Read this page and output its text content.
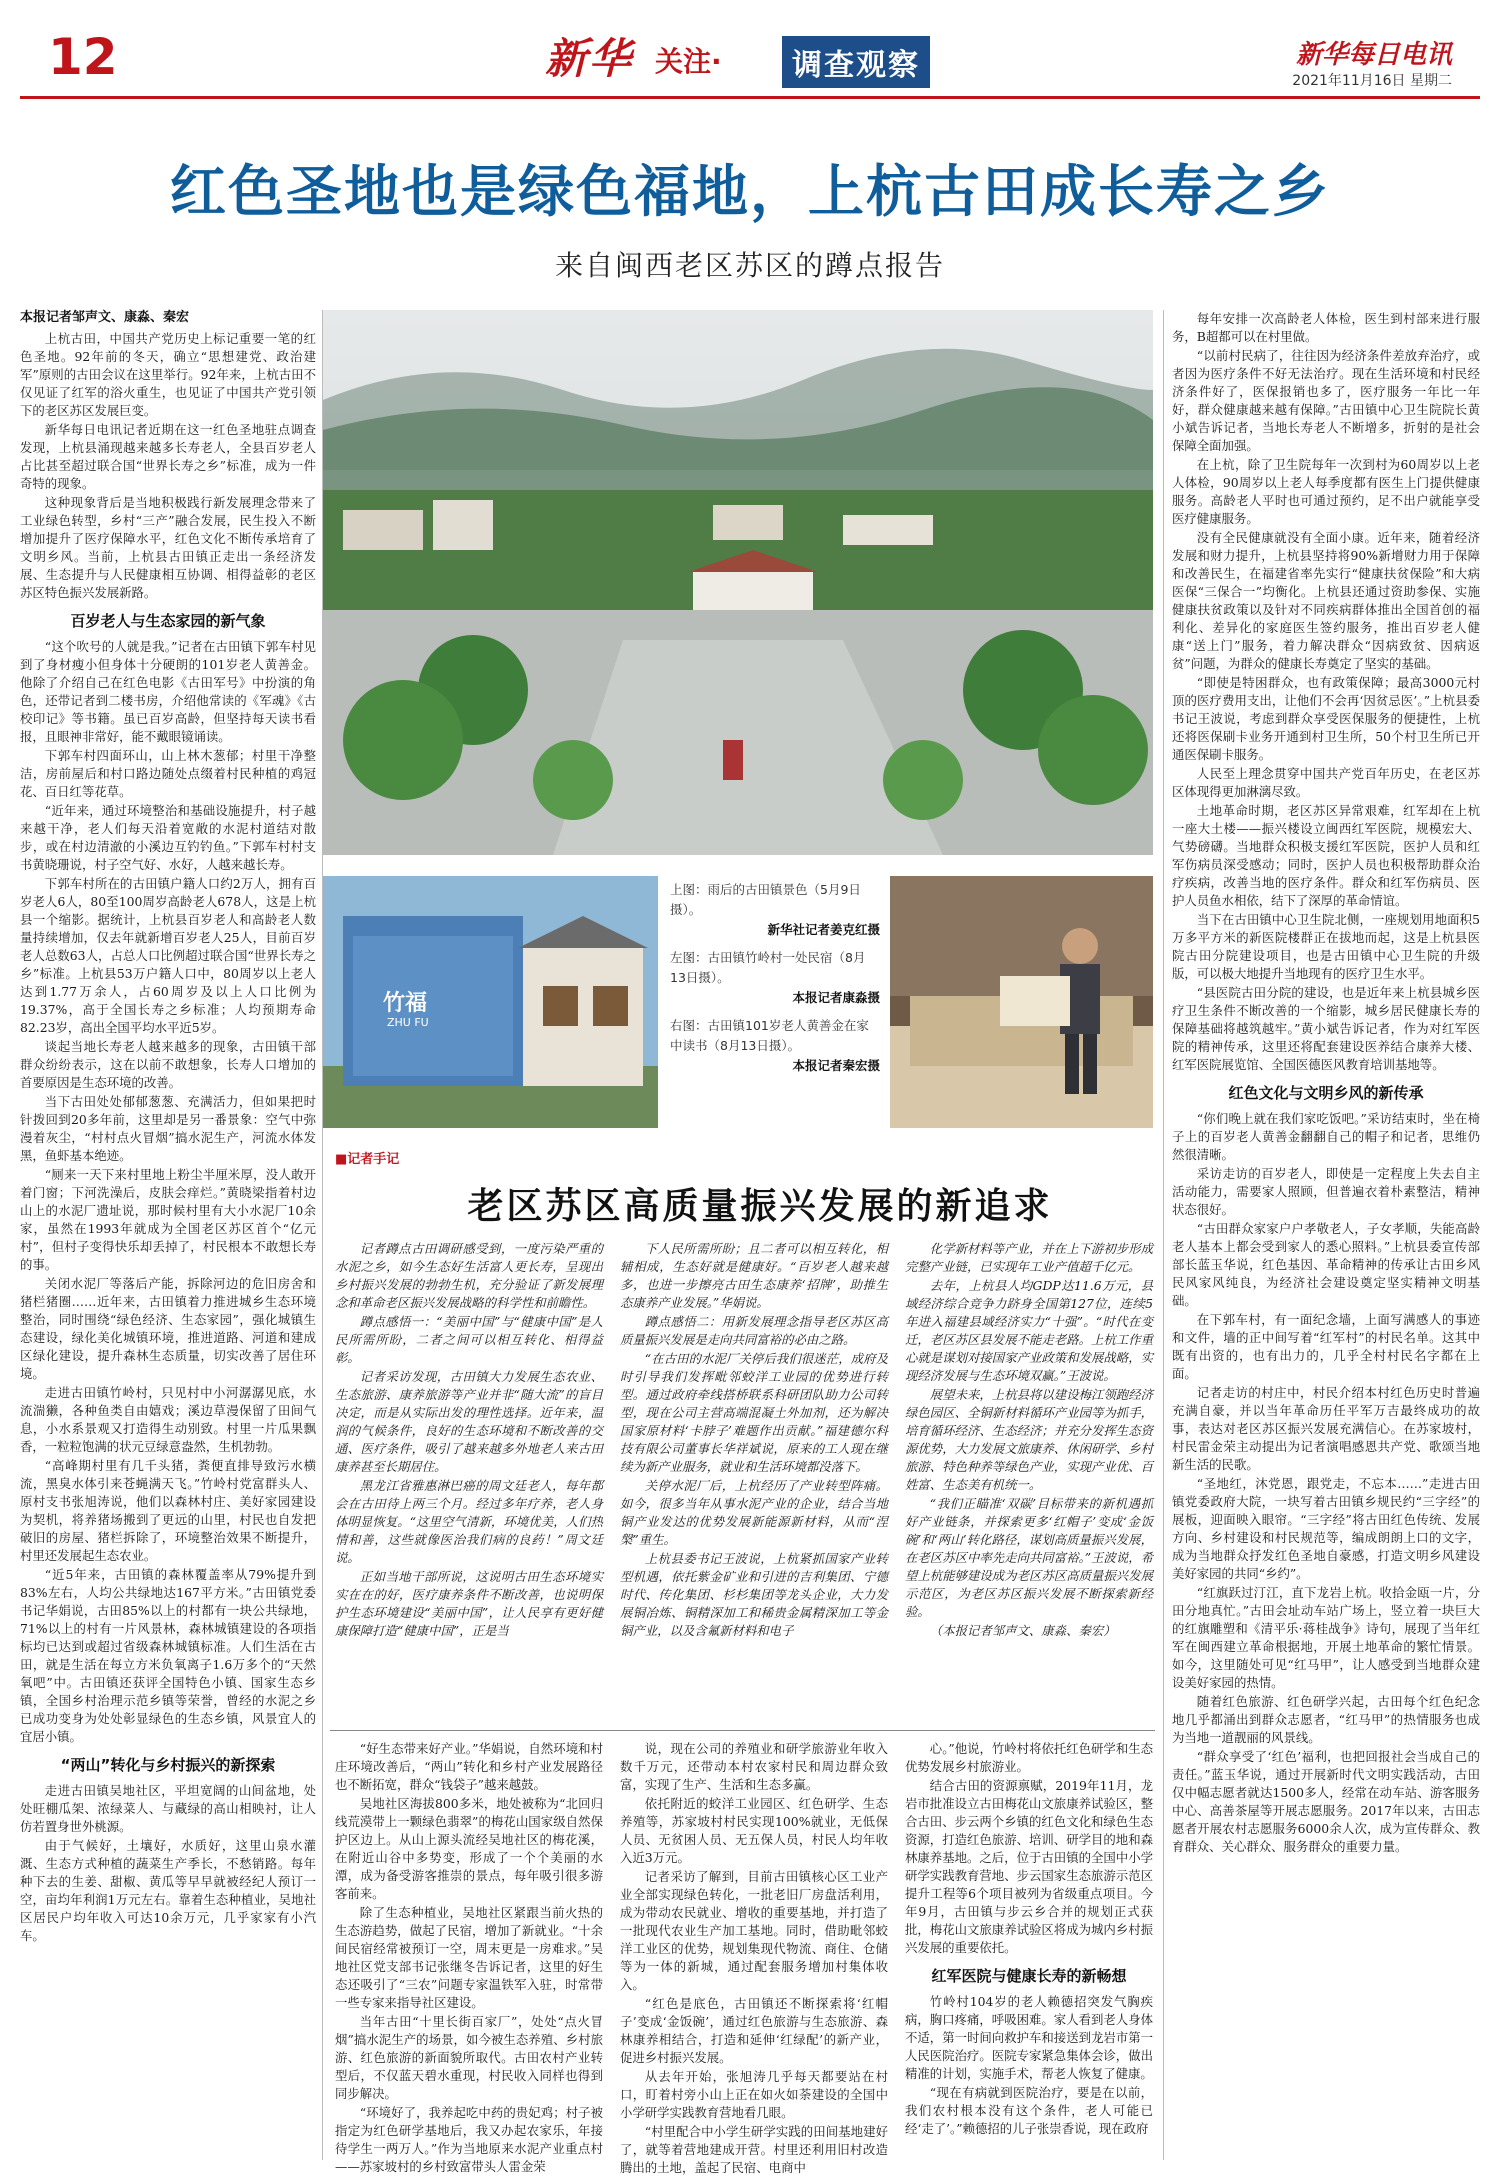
12	新华 关注·	调查观察	新华每日电讯
2021年11月16日 星期二
红色圣地也是绿色福地，上杭古田成长寿之乡
来自闽西老区苏区的蹲点报告
本报记者邹声文、康淼、秦宏

上杭古田，中国共产党历史上标记重要一笔的红色圣地。92年前的冬天，确立“思想建党、政治建军”原则的古田会议在这里举行。92年来，上杭古田不仅见证了红军的浴火重生，也见证了中国共产党引领下的老区苏区发展巨变。

新华每日电讯记者近期在这一红色圣地驻点调查发现，上杭县涌现越来越多长寿老人，全县百岁老人占比甚至超过联合国“世界长寿之乡”标准，成为一件奇特的现象。

这种现象背后是当地积极践行新发展理念带来了工业绿色转型，乡村“三产”融合发展，民生投入不断增加提升了医疗保障水平，红色文化不断传承培育了文明乡风。当前，上杭县古田镇正走出一条经济发展、生态提升与人民健康相互协调、相得益彰的老区苏区特色振兴发展新路。

百岁老人与生态家园的新气象

“这个吹号的人就是我。”记者在古田镇下郭车村见到了身材瘦小但身体十分硬朗的101岁老人黄善金。他除了介绍自己在红色电影《古田军号》中扮演的角色，还带记者到二楼书房，介绍他常读的《军魂》《古校印记》等书籍。虽已百岁高龄，但坚持每天读书看报，且眼神非常好，能不戴眼镜诵读。

下郭车村四面环山，山上林木葱郁；村里干净整洁，房前屋后和村口路边随处点缀着村民种植的鸡冠花、百日红等花草。

“近年来，通过环境整治和基础设施提升，村子越来越干净，老人们每天沿着宽敞的水泥村道结对散步，或在村边清澈的小溪边互钓钓鱼。”下郭车村村支书黄晓珊说，村子空气好、水好，人越来越长寿。

下郭车村所在的古田镇户籍人口约2万人，拥有百岁老人6人，80至100周岁高龄老人678人，这是上杭县一个缩影。据统计，上杭县百岁老人和高龄老人数量持续增加，仅去年就新增百岁老人25人，目前百岁老人总数63人，占总人口比例超过联合国“世界长寿之乡”标准。上杭县53万户籍人口中，80周岁以上老人达到1.77万余人，占60周岁及以上人口比例为19.37%，高于全国长寿之乡标准；人均预期寿命82.23岁，高出全国平均水平近5岁。

谈起当地长寿老人越来越多的现象，古田镇干部群众纷纷表示，这在以前不敢想象，长寿人口增加的首要原因是生态环境的改善。

当下古田处处郁郁葱葱、充满活力，但如果把时针拨回到20多年前，这里却是另一番景象：空气中弥漫着灰尘，“村村点火冒烟”搞水泥生产，河流水体发黑，鱼虾基本绝迹。

“厕来一天下来村里地上粉尘半厘米厚，没人敢开着门窗；下河洗澡后，皮肤会痒烂。”黄晓梁指着村边山上的水泥厂遗址说，那时候村里有大小水泥厂10余家，虽然在1993年就成为全国老区苏区首个“亿元村”，但村子变得快乐却丢掉了，村民根本不敢想长寿的事。

关闭水泥厂等落后产能，拆除河边的危旧房舍和猪栏猪圈……近年来，古田镇着力推进城乡生态环境整治，同时围绕“绿色经济、生态家园”，强化城镇生态建设，绿化美化城镇环境，推进道路、河道和建成区绿化建设，提升森林生态质量，切实改善了居住环境。

走进古田镇竹岭村，只见村中小河潺潺见底，水流湍獭，各种鱼类自由嬉戏；溪边草漫保留了田间气息，小水系景观又打造得生动别致。村里一片瓜果飘香，一粒粒饱满的状元豆绿意盎然，生机勃勃。

“高峰期村里有几千头猪，粪便直排导致污水横流，黑臭水体引来苍蝇满天飞。”竹岭村党富群头人、原村支书张旭涛说，他们以森林村庄、美好家园建设为契机，将养猪场搬到了更远的山里，村民也自发把破旧的房屋、猪栏拆除了，环境整治效果不断提升，村里还发展起生态农业。

“近5年来，古田镇的森林覆盖率从79%提升到83%左右，人均公共绿地达167平方米。”古田镇党委书记华娟说，古田85%以上的村都有一块公共绿地，71%以上的村有一片风景林，森林城镇建设的各项指标均已达到或超过省级森林城镇标准。人们生活在古田，就是生活在每立方米负氧离子1.6万多个的“天然氧吧”中。古田镇还获评全国特色小镇、国家生态乡镇，全国乡村治理示范乡镇等荣誉，曾经的水泥之乡已成功变身为处处彰显绿色的生态乡镇，风景宜人的宜居小镇。

“两山”转化与乡村振兴的新探索

走进古田镇吴地社区，平坦宽阔的山间盆地，处处旺棚瓜架、浓绿菜人、与藏绿的高山相映衬，让人仿若置身世外桃源。

由于气候好，土壤好，水质好，这里山泉水灌溉、生态方式种植的蔬菜生产季长，不愁销路。每年种下去的生姜、甜椒、黄瓜等早早就被经纪人预订一空，亩均年利润1万元左右。靠着生态种植业，吴地社区居民户均年收入可达10余万元，几乎家家有小汽车。

竹福
ZHU FU
上图：雨后的古田镇景色（5月9日摄）。
新华社记者姜克红摄
左图：古田镇竹岭村一处民宿（8月13日摄）。
本报记者康淼摄
右图：古田镇101岁老人黄善金在家中读书（8月13日摄）。
本报记者秦宏摄
■记者手记
老区苏区高质量振兴发展的新追求

记者蹲点古田调研感受到，一度污染严重的水泥之乡，如今生态好生活富人更长寿，呈现出乡村振兴发展的勃勃生机，充分验证了新发展理念和革命老区振兴发展战略的科学性和前瞻性。

蹲点感悟一：“美丽中国”与“健康中国”是人民所需所盼，二者之间可以相互转化、相得益彰。

记者采访发现，古田镇大力发展生态农业、生态旅游、康养旅游等产业并非“随大流”的盲目决定，而是从实际出发的理性选择。近年来，温润的气候条件，良好的生态环境和不断改善的交通、医疗条件，吸引了越来越多外地老人来古田康养甚至长期居住。

黑龙江省雅惠淋巴癌的周文廷老人，每年都会在古田待上两三个月。经过多年疗养，老人身体明显恢复。“这里空气清新，环境优美，人们热情和善，这些就像医治我们病的良药！”周文廷说。

正如当地干部所说，这说明古田生态环境实实在在的好，医疗康养条件不断改善，也说明保护生态环境建设“美丽中国”，让人民享有更好健康保障打造“健康中国”，正是当

下人民所需所盼；且二者可以相互转化，相辅相成，生态好就是健康好。“百岁老人越来越多，也进一步擦亮古田生态康养‘招牌’，助推生态康养产业发展。”华娟说。

蹲点感悟二：用新发展理念指导老区苏区高质量振兴发展是走向共同富裕的必由之路。

“在古田的水泥厂关停后我们很迷茫，成府及时引导我们发挥毗邻蛟洋工业园的优势进行转型。通过政府牵线搭桥联系科研团队助力公司转型，现在公司主营高端混凝土外加剂，还为解决国家原材料‘卡脖子’难题作出贡献。”福建德尔科技有限公司董事长华祥斌说，原来的工人现在继续为新产业服务，就业和生活环境都没落下。

关停水泥厂后，上杭经历了产业转型阵痛。如今，很多当年从事水泥产业的企业，结合当地铜产业发达的优势发展新能源新材料，从而“涅槃”重生。

上杭县委书记王波说，上杭紧抓国家产业转型机遇，依托紫金矿业和引进的吉利集团、宁德时代、传化集团、杉杉集团等龙头企业，大力发展铜冶炼、铜精深加工和稀贵金属精深加工等金铜产业，以及含氟新材料和电子

化学新材料等产业，并在上下游初步形成完整产业链，已实现年工业产值超千亿元。

去年，上杭县人均GDP达11.6万元，县域经济综合竞争力跻身全国第127位，连续5年进入福建县域经济实力“十强”。“时代在变迁，老区苏区县发展不能走老路。上杭工作重心就是谋划对接国家产业政策和发展战略，实现经济发展与生态环境双赢。”王波说。

展望未来，上杭县将以建设梅江领跑经济绿色园区、全铜新材料循环产业园等为抓手，培育循环经济、生态经济；并充分发挥生态资源优势，大力发展文旅康养、休闲研学、乡村旅游、特色种养等绿色产业，实现产业优、百姓富、生态美有机统一。

“我们正瞄准‘双碳’目标带来的新机遇抓好产业链条，并探索更多‘红帽子’变成‘金饭碗’和‘两山’转化路径，谋划高质量振兴发展，在老区苏区中率先走向共同富裕。”王波说，希望上杭能够建设成为老区苏区高质量振兴发展示范区，为老区苏区振兴发展不断探索新经验。

（本报记者邹声文、康淼、秦宏）

“好生态带来好产业。”华娟说，自然环境和村庄环境改善后，“两山”转化和乡村产业发展路径也不断拓宽，群众“钱袋子”越来越鼓。

吴地社区海拔800多米，地处被称为“北回归线荒漠带上一颗绿色翡翠”的梅花山国家级自然保护区边上。从山上源头流经吴地社区的梅花溪，在附近山谷中多势变，形成了一个个美丽的水潭，成为备受游客推崇的景点，每年吸引很多游客前来。

除了生态种植业，吴地社区紧跟当前火热的生态游趋势，做起了民宿，增加了新就业。“十余间民宿经常被预订一空，周末更是一房难求。”吴地社区党支部书记张继冬告诉记者，这里的好生态还吸引了“三农”问题专家温铁军入驻，时常带一些专家来指导社区建设。

当年古田“十里长街百家厂”，处处“点火冒烟”搞水泥生产的场景，如今被生态养殖、乡村旅游、红色旅游的新面貌所取代。古田农村产业转型后，不仅蓝天碧水重现，村民收入同样也得到同步解决。

“环境好了，我养起吃中药的贵妃鸡；村子被指定为红色研学基地后，我又办起农家乐，年接待学生一两万人。”作为当地原来水泥产业重点村——苏家坡村的乡村致富带头人雷金荣

说，现在公司的养殖业和研学旅游业年收入数千万元，还带动本村农家村民和周边群众致富，实现了生产、生活和生态多赢。

依托附近的蛟洋工业园区、红色研学、生态养殖等，苏家坡村村民实现100%就业，无低保人员、无贫困人员、无五保人员，村民人均年收入近3万元。

记者采访了解到，目前古田镇核心区工业产业全部实现绿色转化，一批老旧厂房盘活利用，成为带动农民就业、增收的重要基地，并打造了一批现代农业生产加工基地。同时，借助毗邻蛟洋工业区的优势，规划集现代物流、商住、仓储等为一体的新城，通过配套服务增加村集体收入。

“红色是底色，古田镇还不断探索将‘红帽子’变成‘金饭碗’，通过红色旅游与生态旅游、森林康养相结合，打造和延伸‘红绿配’的新产业，促进乡村振兴发展。

从去年开始，张旭涛几乎每天都要站在村口，盯着村旁小山上正在如火如荼建设的全国中小学研学实践教育营地看几眼。

“村里配合中小学生研学实践的田间基地建好了，就等着营地建成开营。村里还利用旧村改造腾出的土地，盖起了民宿、电商中

心。”他说，竹岭村将依托红色研学和生态优势发展乡村旅游业。

结合古田的资源禀赋，2019年11月，龙岩市批准设立古田梅花山文旅康养试验区，整合古田、步云两个乡镇的红色文化和绿色生态资源，打造红色旅游、培训、研学目的地和森林康养基地。之后，位于古田镇的全国中小学研学实践教育营地、步云国家生态旅游示范区提升工程等6个项目被列为省级重点项目。今年9月，古田镇与步云乡合并的规划正式获批，梅花山文旅康养试验区将成为城内乡村振兴发展的重要依托。

红军医院与健康长寿的新畅想

竹岭村104岁的老人赖德招突发气胸疾病，胸口疼痛，呼吸困难。家人看到老人身体不适，第一时间向救护车和接送到龙岩市第一人民医院治疗。医院专家紧急集体会诊，做出精准的计划，实施手术，帮老人恢复了健康。

“现在有病就到医院治疗，要是在以前，我们农村根本没有这个条件，老人可能已经‘走了’。”赖德招的儿子张崇香说，现在政府

每年安排一次高龄老人体检，医生到村部来进行服务，B超都可以在村里做。

“以前村民病了，往往因为经济条件差放弃治疗，或者因为医疗条件不好无法治疗。现在生活环境和村民经济条件好了，医保报销也多了，医疗服务一年比一年好，群众健康越来越有保障。”古田镇中心卫生院院长黄小斌告诉记者，当地长寿老人不断增多，折射的是社会保障全面加强。

在上杭，除了卫生院每年一次到村为60周岁以上老人体检，90周岁以上老人每季度都有医生上门提供健康服务。高龄老人平时也可通过预约，足不出户就能享受医疗健康服务。

没有全民健康就没有全面小康。近年来，随着经济发展和财力提升，上杭县坚持将90%新增财力用于保障和改善民生，在福建省率先实行“健康扶贫保险”和大病医保“三保合一”均衡化。上杭县还通过资助参保、实施健康扶贫政策以及针对不同疾病群体推出全国首创的福利化、差异化的家庭医生签约服务，推出百岁老人健康“送上门”服务，着力解决群众“因病致贫、因病返贫”问题，为群众的健康长寿奠定了坚实的基础。

“即使是特困群众，也有政策保障；最高3000元村顶的医疗费用支出，让他们不会再‘因贫忌医’。”上杭县委书记王波说，考虑到群众享受医保服务的便捷性，上杭还将医保刷卡业务开通到村卫生所，50个村卫生所已开通医保刷卡服务。

人民至上理念贯穿中国共产党百年历史，在老区苏区体现得更加淋漓尽致。

土地革命时期，老区苏区异常艰难，红军却在上杭一座大土楼——振兴楼设立闽西红军医院，规模宏大、气势磅礴。当地群众积极支援红军医院，医护人员和红军伤病员深受感动；同时，医护人员也积极帮助群众治疗疾病，改善当地的医疗条件。群众和红军伤病员、医护人员鱼水相依，结下了深厚的革命情谊。

当下在古田镇中心卫生院北侧，一座规划用地面积5万多平方米的新医院楼群正在拔地而起，这是上杭县医院古田分院建设项目，也是古田镇中心卫生院的升级版，可以极大地提升当地现有的医疗卫生水平。

“县医院古田分院的建设，也是近年来上杭县城乡医疗卫生条件不断改善的一个缩影，城乡居民健康长寿的保障基础将越筑越牢。”黄小斌告诉记者，作为对红军医院的精神传承，这里还将配套建设医养结合康养大楼、红军医院展览馆、全国医德医风教育培训基地等。

红色文化与文明乡风的新传承

“你们晚上就在我们家吃饭吧。”采访结束时，坐在椅子上的百岁老人黄善金翻翻自己的帽子和记者，思维仍然很清晰。

采访走访的百岁老人，即使是一定程度上失去自主活动能力，需要家人照顾，但普遍衣着朴素整洁，精神状态很好。

“古田群众家家户户孝敬老人，子女孝顺，失能高龄老人基本上都会受到家人的悉心照料。”上杭县委宣传部部长蓝玉华说，红色基因、革命精神的传承让古田乡风民风家风纯良，为经济社会建设奠定坚实精神文明基础。

在下郭车村，有一面纪念墙，上面写满感人的事迹和文件，墙的正中间写着“红军村”的村民名单。这其中既有出资的，也有出力的，几乎全村村民名字都在上面。

记者走访的村庄中，村民介绍本村红色历史时普遍充满自豪，并以当年革命历任平军万吉最终成功的故事，表达对老区苏区振兴发展充满信心。在苏家坡村，村民雷金荣主动提出为记者演唱感恩共产党、歌颂当地新生活的民歌。

“圣地红，沐党恩，跟党走，不忘本……”走进古田镇党委政府大院，一块写着古田镇乡规民约“三字经”的展板，迎面映入眼帘。“三字经”将古田红色传统、发展方向、乡村建设和村民规范等，编成朗朗上口的文字，成为当地群众抒发红色圣地自豪感，打造文明乡风建设美好家园的共同“乡约”。

“红旗跃过汀江，直下龙岩上杭。收拾金瓯一片，分田分地真忙。”古田会址动车站广场上，竖立着一块巨大的红旗雕塑和《清平乐·蒋桂战争》诗句，展现了当年红军在闽西建立革命根据地，开展土地革命的繁忙情景。如今，这里随处可见“红马甲”，让人感受到当地群众建设美好家园的热情。

随着红色旅游、红色研学兴起，古田每个红色纪念地几乎都涌出到群众志愿者，“红马甲”的热情服务也成为当地一道靓丽的风景线。

“群众享受了‘红色’福利，也把回报社会当成自己的责任。”蓝玉华说，通过开展新时代文明实践活动，古田仅中幅志愿者就达1500多人，经常在动车站、游客服务中心、高善茶屋等开展志愿服务。2017年以来，古田志愿者开展农村志愿服务6000余人次，成为宣传群众、教育群众、关心群众、服务群众的重要力量。
